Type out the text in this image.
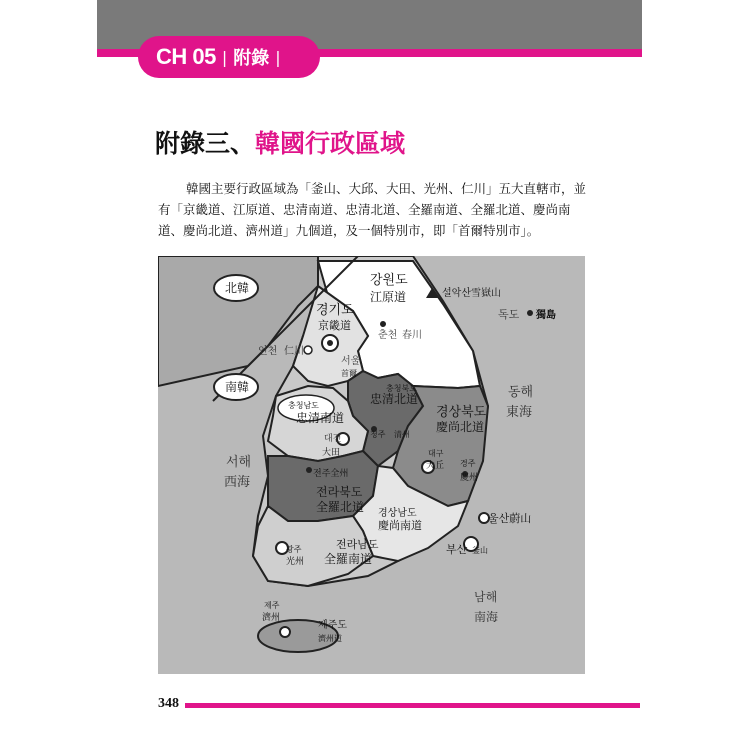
CH 05 | 附錄 |
附錄三、韓國行政區域
韓國主要行政區域為「釜山、大邱、大田、光州、仁川」五大直轄市，並有「京畿道、江原道、忠清南道、忠清北道、全羅南道、全羅北道、慶尚南道、慶尚北道、濟州道」九個道，及一個特別市，即「首爾特別市」。
北韓
南韓
서해
西海
동해
東海
남해
南海
강원도
江原道	설악산雪嶽山
독도 獨島
경기도
京畿道
춘천 春川
인천 仁川
서울
首爾
충청북도
忠清北道
충청남도
忠清南道
청주 清州
대전
大田
경상북도
慶尚北道
대구
大丘 경주
慶州
전주全州
전라북도
全羅北道 경상남도
慶尚南道
울산蔚山
부산 釜山
광주
光州
전라남도
全羅南道
제주
濟州
제주도
濟州道
348
